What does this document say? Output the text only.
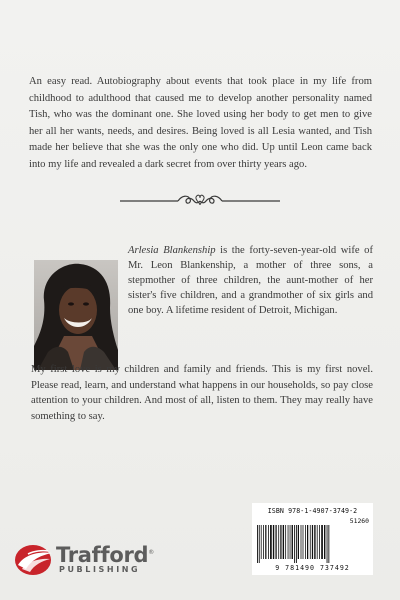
An easy read. Autobiography about events that took place in my life from childhood to adulthood that caused me to develop another personality named Tish, who was the dominant one. She loved using her body to get men to give her all her wants, needs, and desires. Being loved is all Lesia wanted, and Tish made her believe that she was the only one who did. Up until Leon came back into my life and revealed a dark secret from over thirty years ago.

Arlesia Blankenship is the forty-seven-year-old wife of Mr. Leon Blankenship, a mother of three sons, a stepmother of three children, the aunt-mother of her sister's five children, and a grandmother of six girls and one boy. A lifetime resident of Detroit, Michigan.

My first love is my children and family and friends. This is my first novel. Please read, learn, and understand what happens in our households, so pay close attention to your children. And most of all, listen to them. They may really have something to say.

ISBN 978-1-4907-3749-2
51260
9 781490 737492
Trafford®
PUBLISHING
